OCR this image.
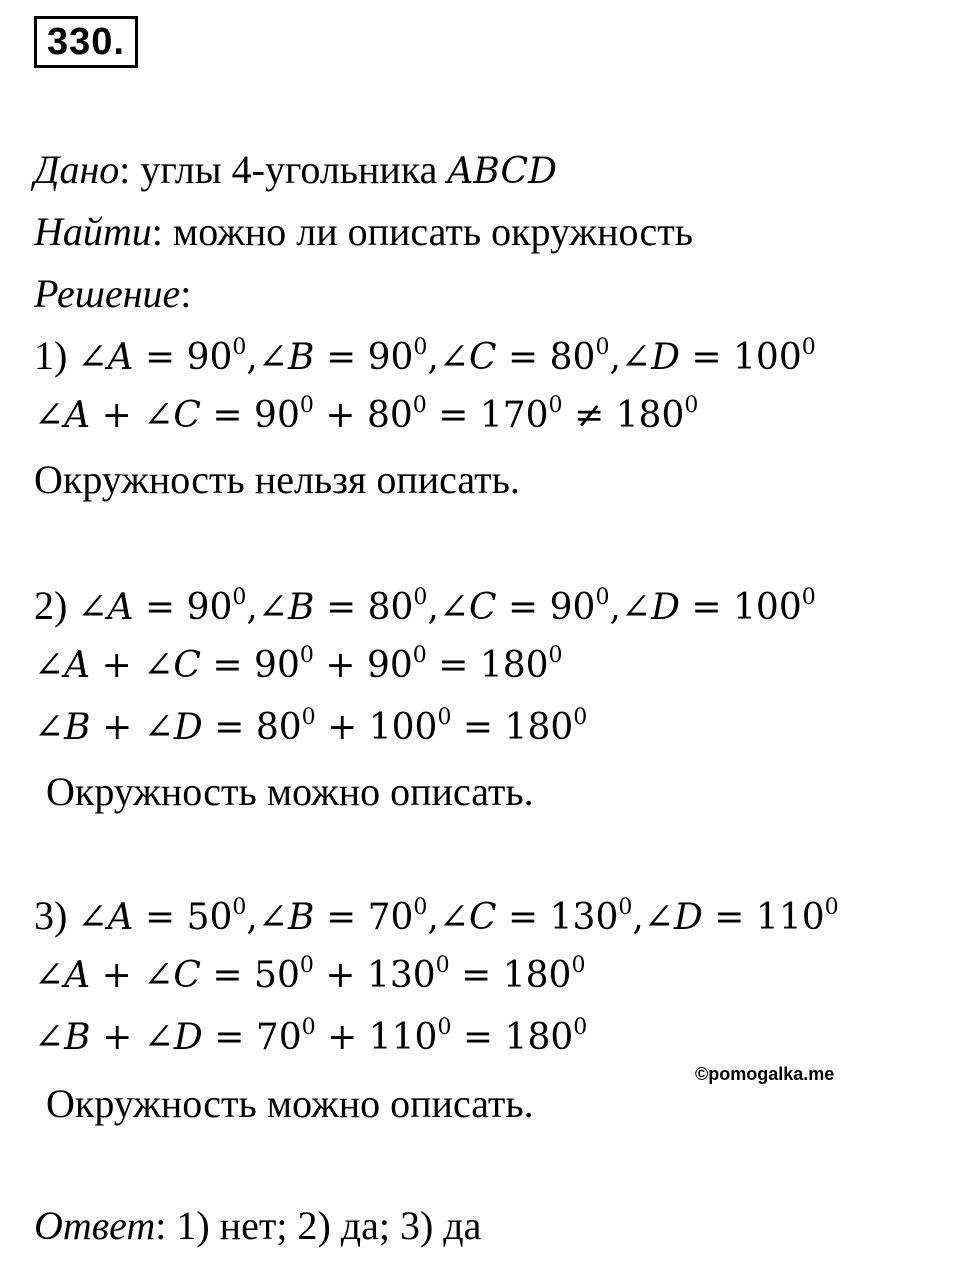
330.
Дано: углы 4-угольника ABCD
Найти: можно ли описать окружность
Решение:
1) ∠A = $90^0,\angle B$ = $90^0,\angle C$ = $80^0,\angle D = 100^0$
∠A + ∠C = $90^0 + 80^0 = 170^0 \ne 180^0$
Окружность нельзя описать.
2) ∠A = $90^0,\angle B$ = $80^0,\angle C$ = $90^0,\angle D = 100^0$
∠A + ∠C = $90^0 + 90^0 = 180^0$
∠B + ∠D = $80^0 + 100^0 = 180^0$
Окружность можно описать.
3) ∠A = $50^0,\angle B$ = $70^0,\angle C$ = $130^0,\angle D = 110^0$
∠A + ∠C = $50^0 + 130^0 = 180^0$
∠B + ∠D = $70^0 + 110^0 = 180^0$
Окружность можно описать.
©pomogalka.me
Ответ: 1) нет; 2) да; 3) да
